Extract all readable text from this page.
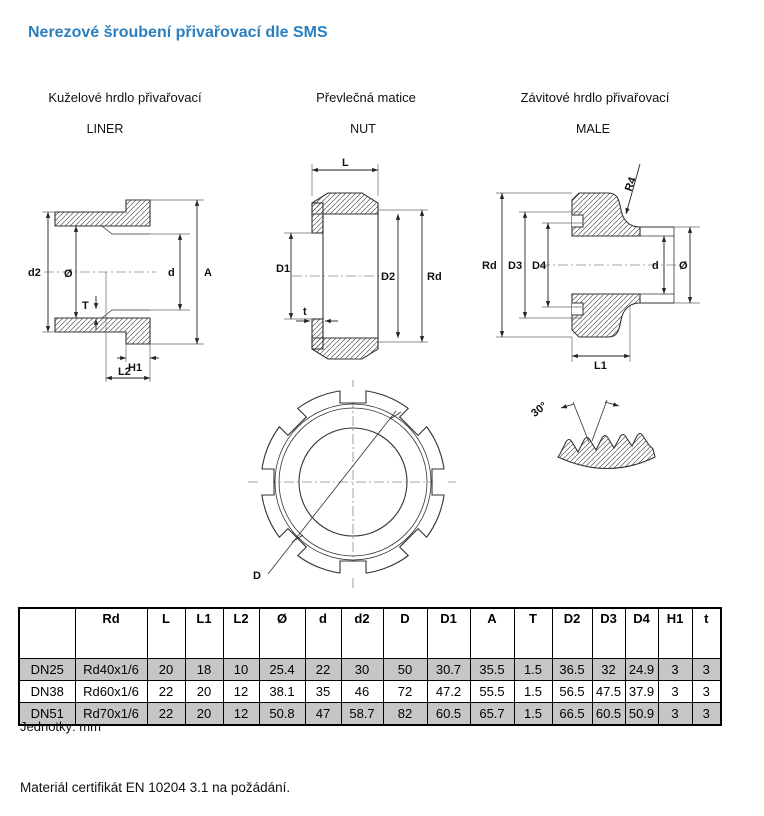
Nerezové šroubení přivařovací dle SMS
Kuželové hrdlo přivařovací	Převlečná matice	Závitové hrdlo přivařovací
LINER	NUT	MALE
d2 Ø
T
d	A
H1
L2
L
D1
t
D2	Rd
Rd D3 D4
R4
d Ø
L1
D
30°
	Rd	L	L1	L2	Ø	d	d2	D	D1	A	T	D2	D3	D4	H1	t
DN25	Rd40x1/6	20	18	10	25.4	22	30	50	30.7	35.5	1.5	36.5	32	24.9	3	3
DN38	Rd60x1/6	22	20	12	38.1	35	46	72	47.2	55.5	1.5	56.5	47.5	37.9	3	3
DN51	Rd70x1/6	22	20	12	50.8	47	58.7	82	60.5	65.7	1.5	66.5	60.5	50.9	3	3
Jednotky: mm
Materiál certifikát EN 10204 3.1 na požádání.
